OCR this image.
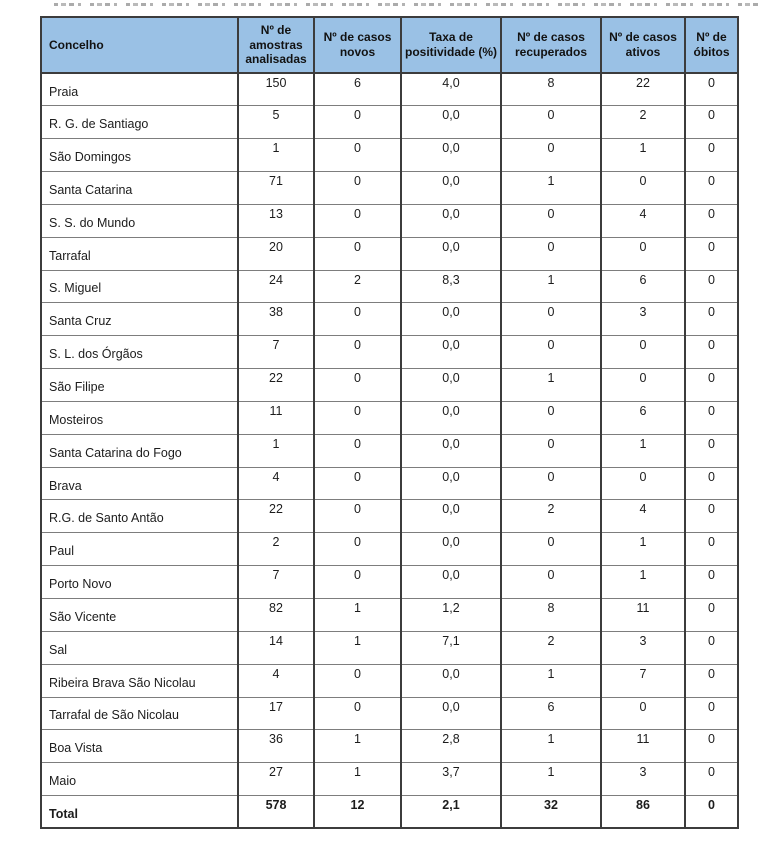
Concelho	Nº de amostras analisadas	Nº de casos novos	Taxa de positividade (%)	Nº de casos recuperados	Nº de casos ativos	Nº de óbitos
Praia	150	6	4,0	8	22	0
R. G. de Santiago	5	0	0,0	0	2	0
São Domingos	1	0	0,0	0	1	0
Santa Catarina	71	0	0,0	1	0	0
S. S. do Mundo	13	0	0,0	0	4	0
Tarrafal	20	0	0,0	0	0	0
S. Miguel	24	2	8,3	1	6	0
Santa Cruz	38	0	0,0	0	3	0
S. L. dos Órgãos	7	0	0,0	0	0	0
São Filipe	22	0	0,0	1	0	0
Mosteiros	11	0	0,0	0	6	0
Santa Catarina do Fogo	1	0	0,0	0	1	0
Brava	4	0	0,0	0	0	0
R.G. de Santo Antão	22	0	0,0	2	4	0
Paul	2	0	0,0	0	1	0
Porto Novo	7	0	0,0	0	1	0
São Vicente	82	1	1,2	8	11	0
Sal	14	1	7,1	2	3	0
Ribeira Brava São Nicolau	4	0	0,0	1	7	0
Tarrafal de São Nicolau	17	0	0,0	6	0	0
Boa Vista	36	1	2,8	1	11	0
Maio	27	1	3,7	1	3	0
Total	578	12	2,1	32	86	0
